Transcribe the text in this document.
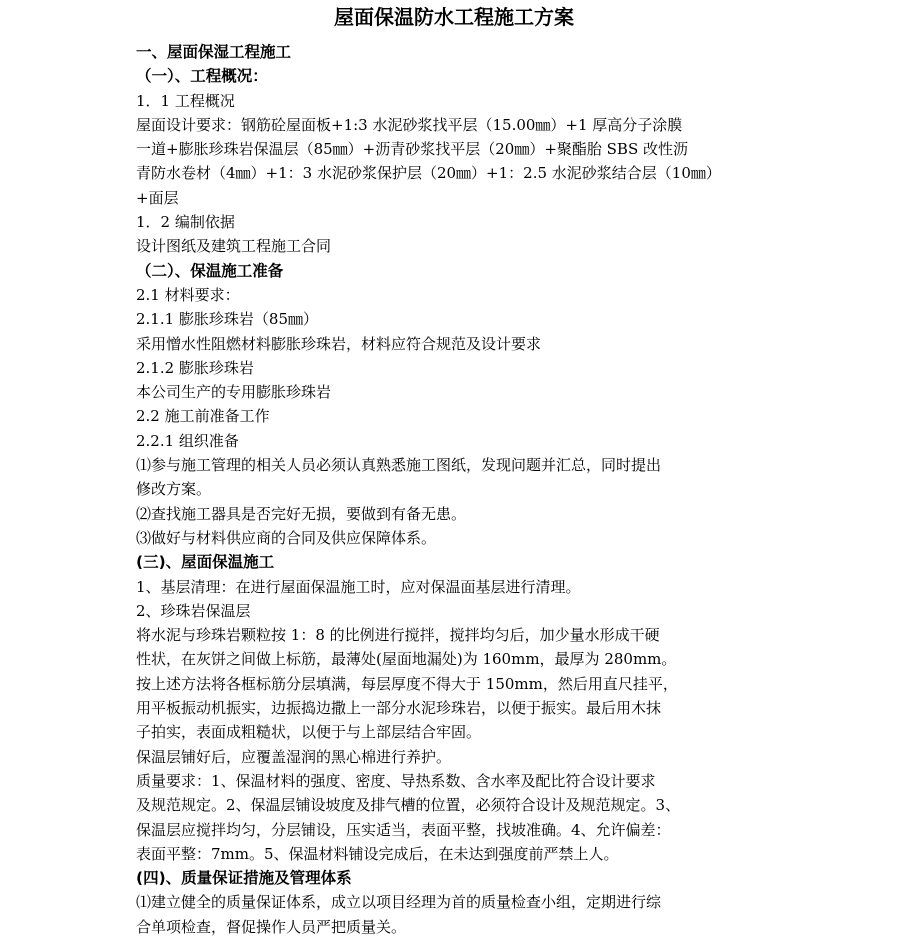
屋面保温防水工程施工方案
一、屋面保湿工程施工
（一）、工程概况：
1．1 工程概况
屋面设计要求：钢筋砼屋面板+1:3 水泥砂浆找平层（15.00㎜）+1 厚高分子涂膜
一道+膨胀珍珠岩保温层（85㎜）+沥青砂浆找平层（20㎜）+聚酯胎 SBS 改性沥
青防水卷材（4㎜）+1：3 水泥砂浆保护层（20㎜）+1：2.5 水泥砂浆结合层（10㎜）
+面层
1．2 编制依据
设计图纸及建筑工程施工合同
（二）、保温施工准备
2.1 材料要求：
2.1.1 膨胀珍珠岩（85㎜）
采用憎水性阻燃材料膨胀珍珠岩，材料应符合规范及设计要求
2.1.2 膨胀珍珠岩
本公司生产的专用膨胀珍珠岩
2.2 施工前准备工作
2.2.1 组织准备
⑴参与施工管理的相关人员必须认真熟悉施工图纸，发现问题并汇总，同时提出
修改方案。
⑵查找施工器具是否完好无损，要做到有备无患。
⑶做好与材料供应商的合同及供应保障体系。
(三)、屋面保温施工
1、基层清理：在进行屋面保温施工时，应对保温面基层进行清理。
2、珍珠岩保温层
将水泥与珍珠岩颗粒按 1：8 的比例进行搅拌，搅拌均匀后，加少量水形成干硬
性状，在灰饼之间做上标筋，最薄处(屋面地漏处)为 160mm，最厚为 280mm。
按上述方法将各框标筋分层填满，每层厚度不得大于 150mm，然后用直尺挂平，
用平板振动机振实，边振捣边撒上一部分水泥珍珠岩，以便于振实。最后用木抹
子拍实，表面成粗糙状，以便于与上部层结合牢固。
保温层铺好后，应覆盖湿润的黑心棉进行养护。
质量要求：1、保温材料的强度、密度、导热系数、含水率及配比符合设计要求
及规范规定。2、保温层铺设坡度及排气槽的位置，必须符合设计及规范规定。3、
保温层应搅拌均匀，分层铺设，压实适当，表面平整，找坡准确。4、允许偏差：
表面平整：7mm。5、保温材料铺设完成后，在未达到强度前严禁上人。
(四)、质量保证措施及管理体系
⑴建立健全的质量保证体系，成立以项目经理为首的质量检查小组，定期进行综
合单项检查，督促操作人员严把质量关。
